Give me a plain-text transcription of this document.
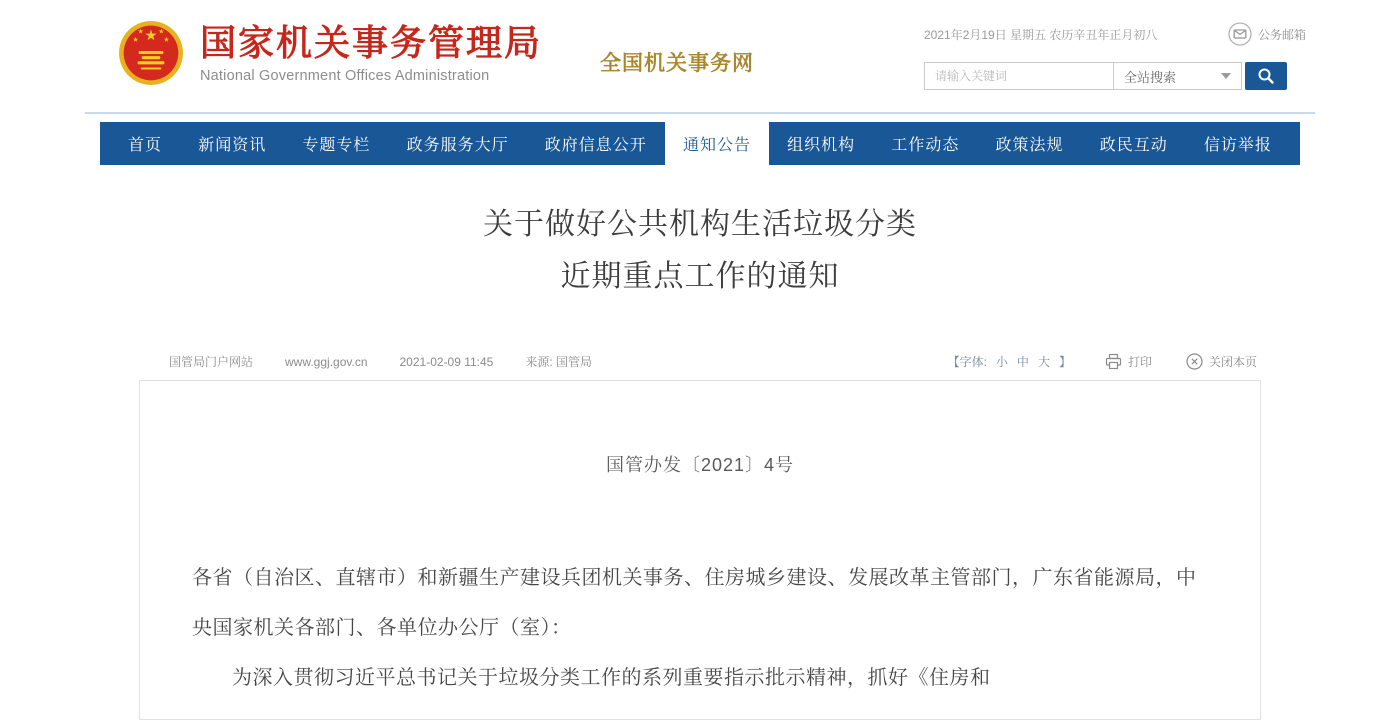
国家机关事务管理局
National Government Offices Administration
全国机关事务网
2021年2月19日 星期五 农历辛丑年正月初八	公务邮箱
请输入关键词
全站搜索
首页	新闻资讯	专题专栏	政务服务大厅	政府信息公开	通知公告	组织机构	工作动态	政策法规	政民互动	信访举报
关于做好公共机构生活垃圾分类
近期重点工作的通知
国管局门户网站	www.ggj.gov.cn	2021-02-09 11:45	来源: 国管局	【字体: 小 中 大 】	打印	关闭本页
国管办发〔2021〕4号

各省（自治区、直辖市）和新疆生产建设兵团机关事务、住房城乡建设、发展改革主管部门，广东省能源局，中央国家机关各部门、各单位办公厅（室）：

为深入贯彻习近平总书记关于垃圾分类工作的系列重要指示批示精神，抓好《住房和
